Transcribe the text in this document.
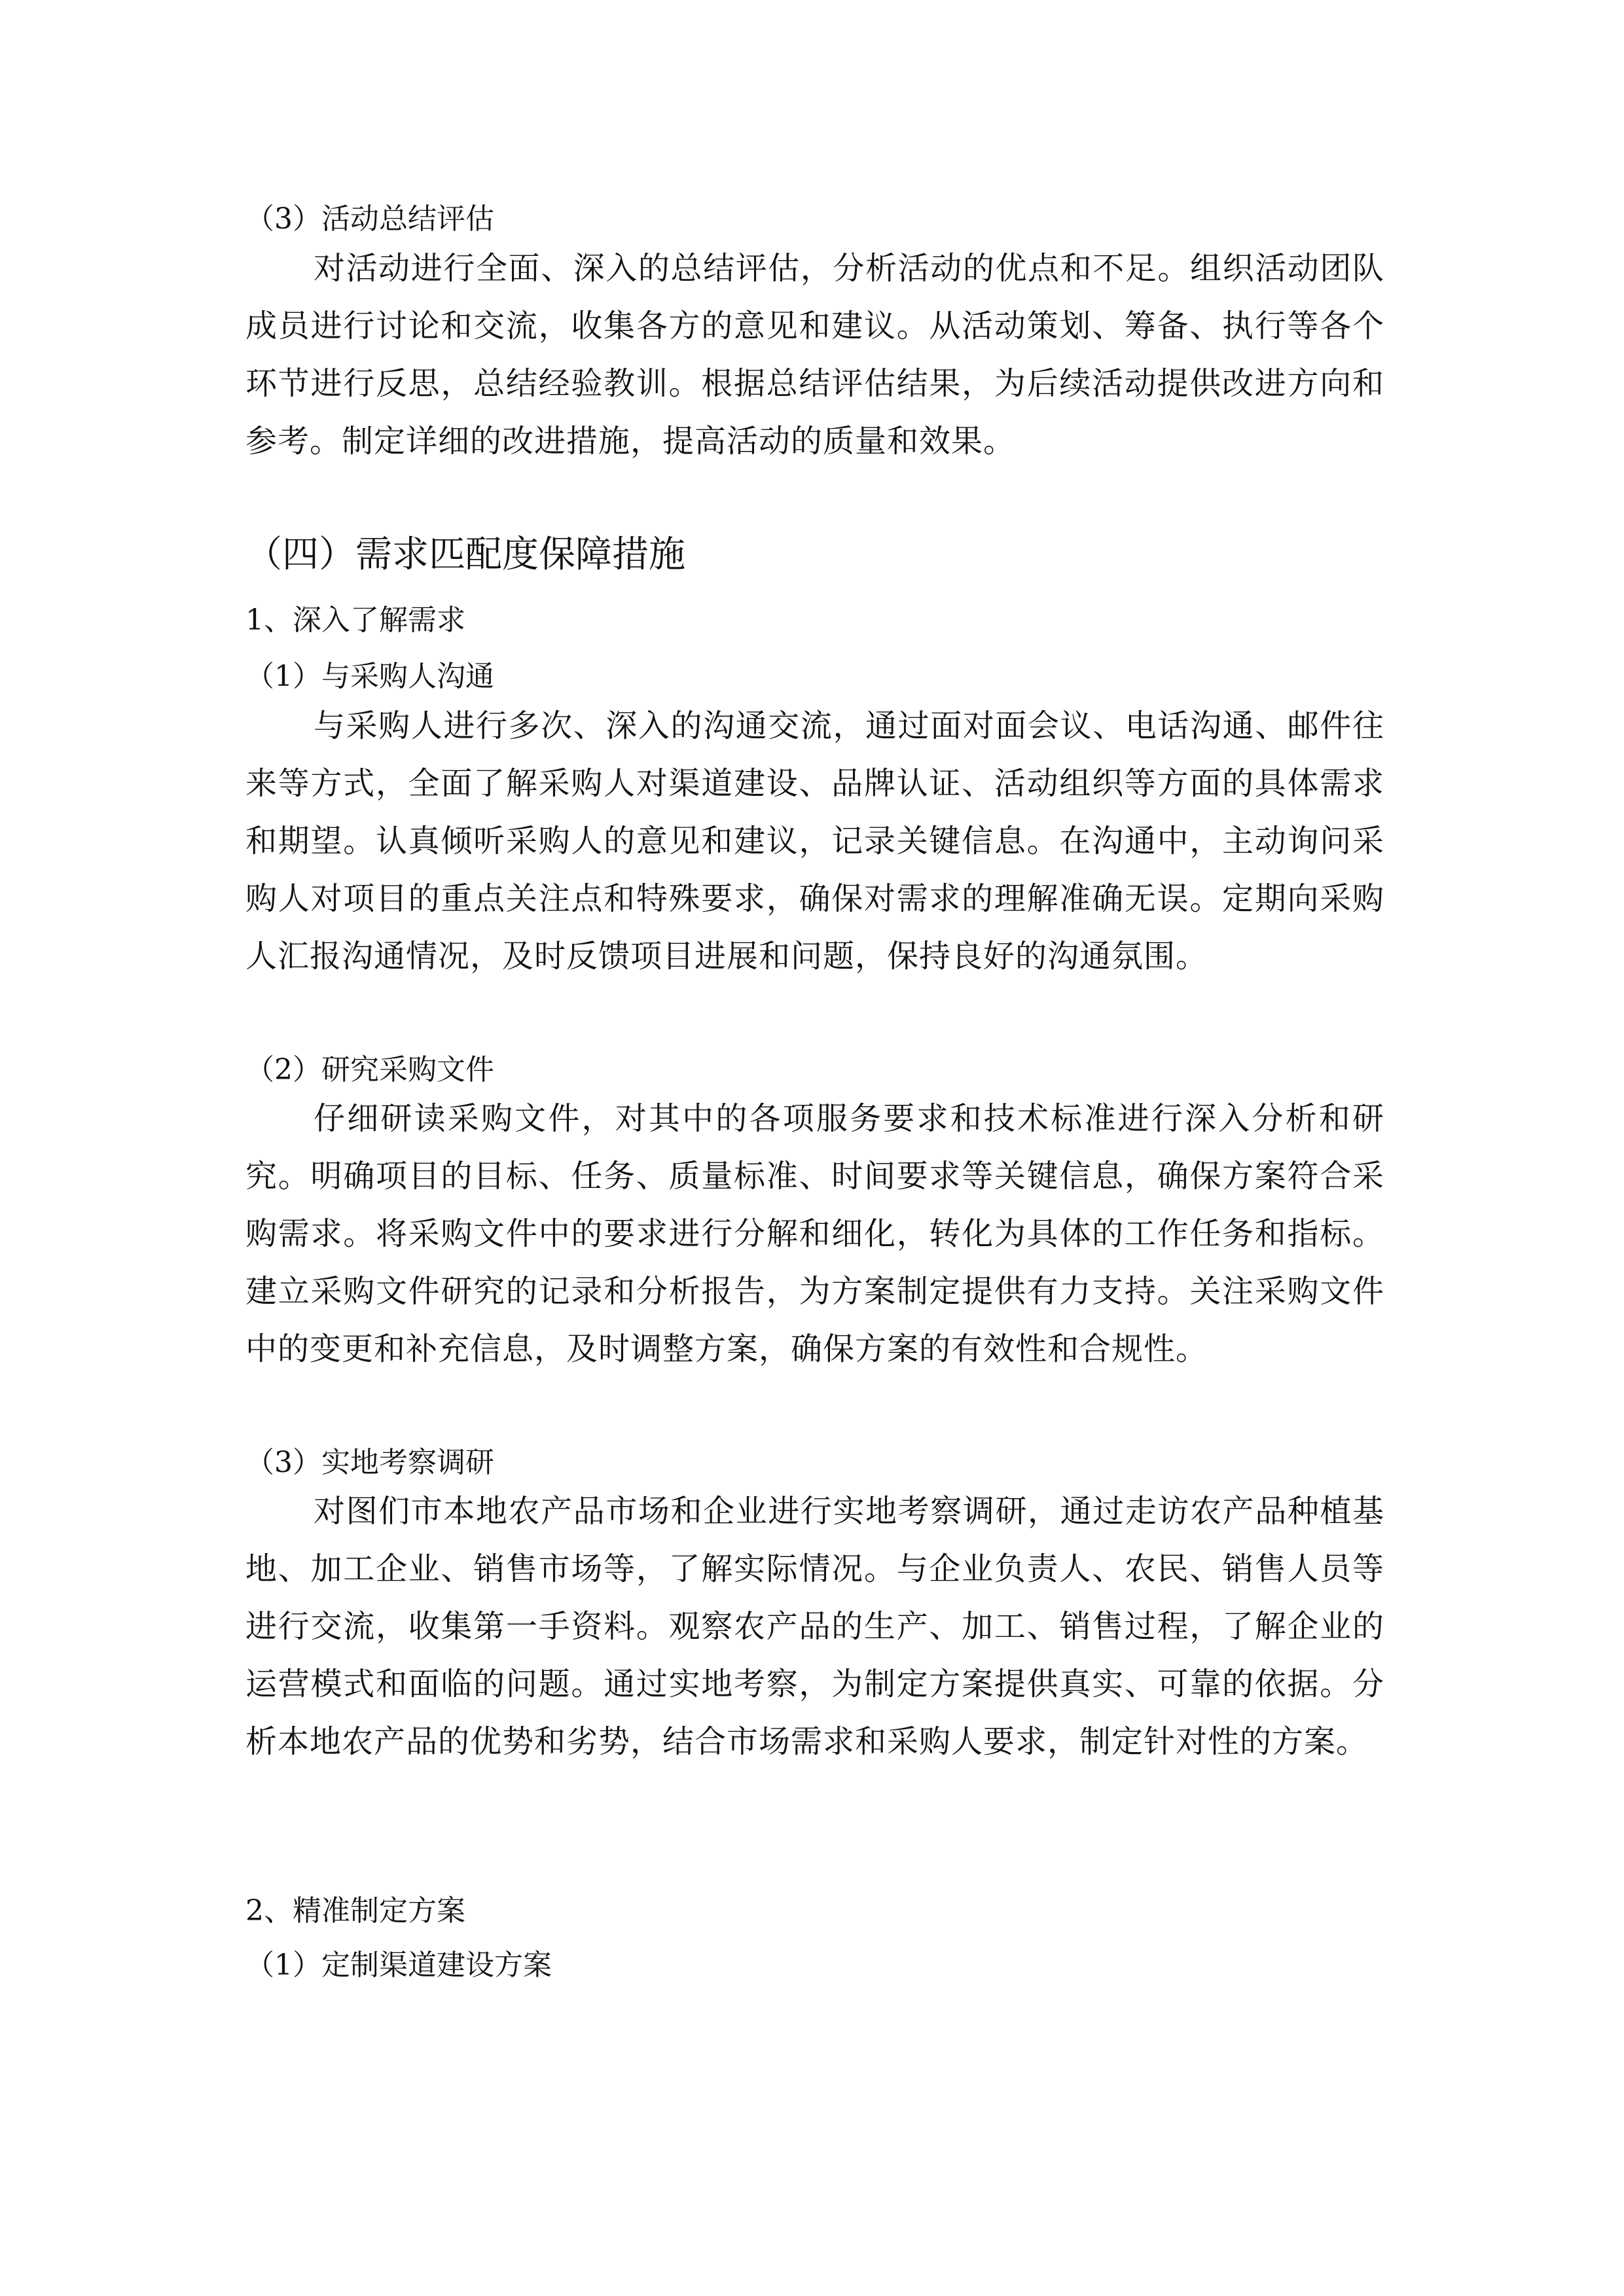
（3）活动总结评估

对活动进行全面、深入的总结评估，分析活动的优点和不足。组织活动团队成员进行讨论和交流，收集各方的意见和建议。从活动策划、筹备、执行等各个环节进行反思，总结经验教训。根据总结评估结果，为后续活动提供改进方向和参考。制定详细的改进措施，提高活动的质量和效果。

（四）需求匹配度保障措施

1、深入了解需求

（1）与采购人沟通

与采购人进行多次、深入的沟通交流，通过面对面会议、电话沟通、邮件往来等方式，全面了解采购人对渠道建设、品牌认证、活动组织等方面的具体需求和期望。认真倾听采购人的意见和建议，记录关键信息。在沟通中，主动询问采购人对项目的重点关注点和特殊要求，确保对需求的理解准确无误。定期向采购人汇报沟通情况，及时反馈项目进展和问题，保持良好的沟通氛围。

（2）研究采购文件

仔细研读采购文件，对其中的各项服务要求和技术标准进行深入分析和研究。明确项目的目标、任务、质量标准、时间要求等关键信息，确保方案符合采购需求。将采购文件中的要求进行分解和细化，转化为具体的工作任务和指标。建立采购文件研究的记录和分析报告，为方案制定提供有力支持。关注采购文件中的变更和补充信息，及时调整方案，确保方案的有效性和合规性。

（3）实地考察调研

对图们市本地农产品市场和企业进行实地考察调研，通过走访农产品种植基地、加工企业、销售市场等，了解实际情况。与企业负责人、农民、销售人员等进行交流，收集第一手资料。观察农产品的生产、加工、销售过程，了解企业的运营模式和面临的问题。通过实地考察，为制定方案提供真实、可靠的依据。分析本地农产品的优势和劣势，结合市场需求和采购人要求，制定针对性的方案。

2、精准制定方案

（1）定制渠道建设方案
